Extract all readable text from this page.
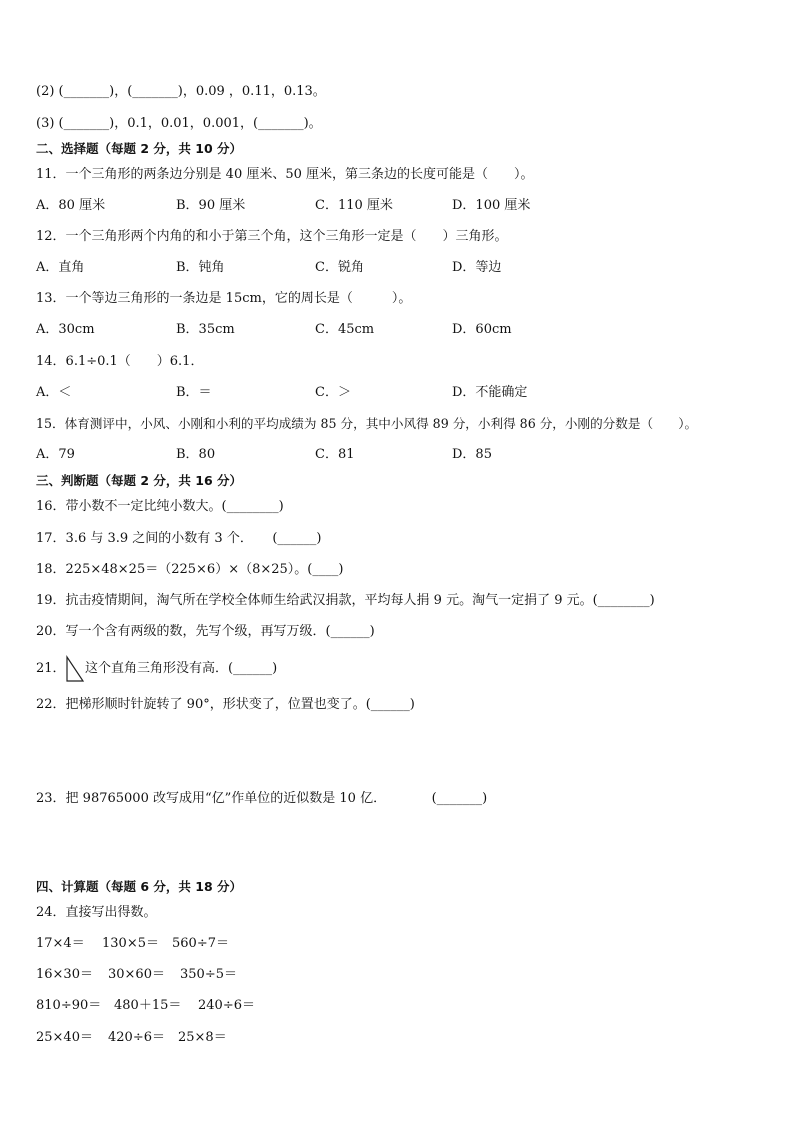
(2) (_______)，(_______)，0.09 ，0.11，0.13。
(3) (_______)，0.1，0.01，0.001，(_______)。
二、选择题（每题 2 分，共 10 分）
11．一个三角形的两条边分别是 40 厘米、50 厘米，第三条边的长度可能是（　　）。
A．80 厘米	B．90 厘米	C．110 厘米	D．100 厘米
12．一个三角形两个内角的和小于第三个角，这个三角形一定是（　　）三角形。
A．直角	B．钝角	C．锐角	D．等边
13．一个等边三角形的一条边是 15cm，它的周长是（　　　）。
A．30cm	B．35cm	C．45cm	D．60cm
14．6.1÷0.1（　　）6.1．
A．＜	B．＝	C．＞	D．不能确定
15．体育测评中，小风、小刚和小利的平均成绩为 85 分，其中小风得 89 分，小利得 86 分，小刚的分数是（　　）。
A．79	B．80	C．81	D．85
三、判断题（每题 2 分，共 16 分）
16．带小数不一定比纯小数大。(________)
17．3.6 与 3.9 之间的小数有 3 个．　　(______)
18．225×48×25＝（225×6）×（8×25）。(____)
19．抗击疫情期间，淘气所在学校全体师生给武汉捐款，平均每人捐 9 元。淘气一定捐了 9 元。(________)
20．写一个含有两级的数，先写个级，再写万级．(______)
21．　　这个直角三角形没有高．(______)
22．把梯形顺时针旋转了 90°，形状变了，位置也变了。(______)
23．把 98765000 改写成用“亿”作单位的近似数是 10 亿．　　　　(_______)
四、计算题（每题 6 分，共 18 分）
24．直接写出得数。
17×4＝ 130×5＝ 560÷7＝
16×30＝ 30×60＝ 350÷5＝
810÷90＝ 480＋15＝ 240÷6＝
25×40＝ 420÷6＝ 25×8＝
